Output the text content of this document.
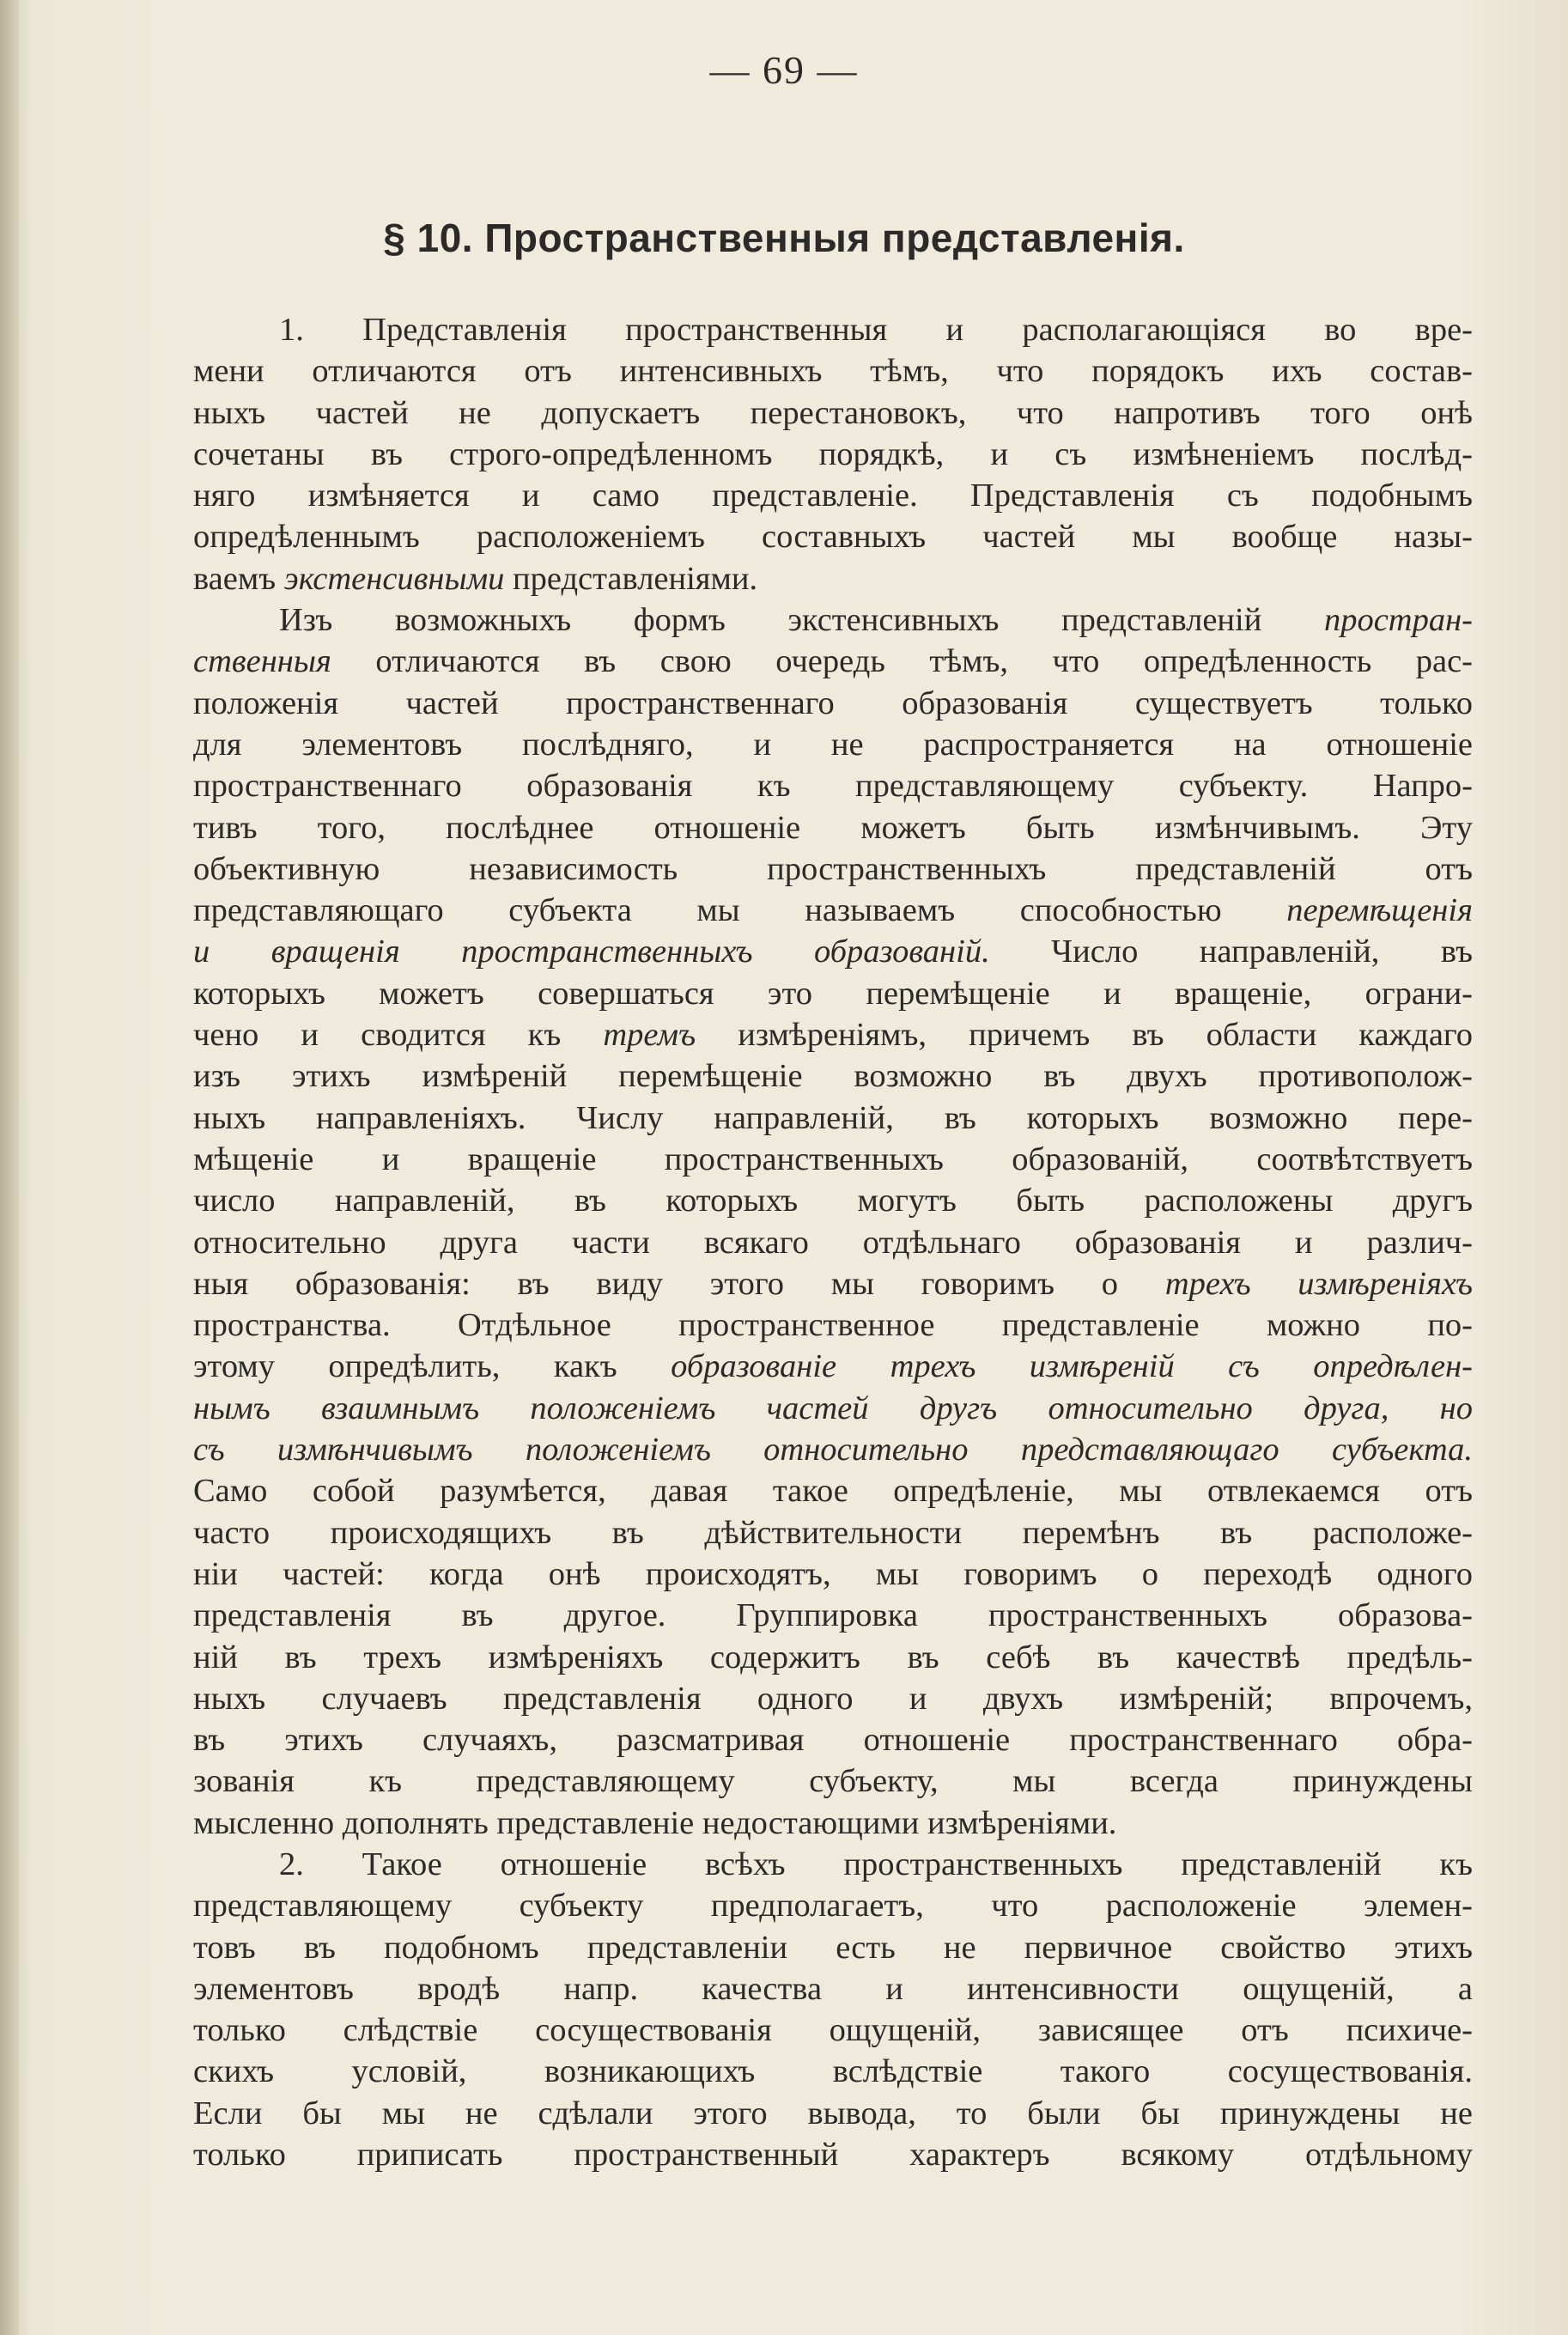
— 69 —
§ 10. Пространственныя представленія.
1. Представленія пространственныя и располагающіяся во вре-
мени отличаются отъ интенсивныхъ тѣмъ, что порядокъ ихъ состав-
ныхъ частей не допускаетъ перестановокъ, что напротивъ того онѣ
сочетаны въ строго-опредѣленномъ порядкѣ, и съ измѣненіемъ послѣд-
няго измѣняется и само представленіе. Представленія съ подобнымъ
опредѣленнымъ расположеніемъ составныхъ частей мы вообще назы-
ваемъ экстенсивными представленіями.
Изъ возможныхъ формъ экстенсивныхъ представленій простран-
ственныя отличаются въ свою очередь тѣмъ, что опредѣленность рас-
положенія частей пространственнаго образованія существуетъ только
для элементовъ послѣдняго, и не распространяется на отношеніе
пространственнаго образованія къ представляющему субъекту. Напро-
тивъ того, послѣднее отношеніе можетъ быть измѣнчивымъ. Эту
объективную независимость пространственныхъ представленій отъ
представляющаго субъекта мы называемъ способностью перемѣщенія
и вращенія пространственныхъ образованій. Число направленій, въ
которыхъ можетъ совершаться это перемѣщеніе и вращеніе, ограни-
чено и сводится къ тремъ измѣреніямъ, причемъ въ области каждаго
изъ этихъ измѣреній перемѣщеніе возможно въ двухъ противополож-
ныхъ направленіяхъ. Числу направленій, въ которыхъ возможно пере-
мѣщеніе и вращеніе пространственныхъ образованій, соотвѣтствуетъ
число направленій, въ которыхъ могутъ быть расположены другъ
относительно друга части всякаго отдѣльнаго образованія и различ-
ныя образованія: въ виду этого мы говоримъ о трехъ измѣреніяхъ
пространства. Отдѣльное пространственное представленіе можно по-
этому опредѣлить, какъ образованіе трехъ измѣреній съ опредѣлен-
нымъ взаимнымъ положеніемъ частей другъ относительно друга, но
съ измѣнчивымъ положеніемъ относительно представляющаго субъекта.
Само собой разумѣется, давая такое опредѣленіе, мы отвлекаемся отъ
часто происходящихъ въ дѣйствительности перемѣнъ въ расположе-
ніи частей: когда онѣ происходятъ, мы говоримъ о переходѣ одного
представленія въ другое. Группировка пространственныхъ образова-
ній въ трехъ измѣреніяхъ содержитъ въ себѣ въ качествѣ предѣль-
ныхъ случаевъ представленія одного и двухъ измѣреній; впрочемъ,
въ этихъ случаяхъ, разсматривая отношеніе пространственнаго обра-
зованія къ представляющему субъекту, мы всегда принуждены
мысленно дополнять представленіе недостающими измѣреніями.
2. Такое отношеніе всѣхъ пространственныхъ представленій къ
представляющему субъекту предполагаетъ, что расположеніе элемен-
товъ въ подобномъ представленіи есть не первичное свойство этихъ
элементовъ вродѣ напр. качества и интенсивности ощущеній, а
только слѣдствіе сосуществованія ощущеній, зависящее отъ психиче-
скихъ условій, возникающихъ вслѣдствіе такого сосуществованія.
Если бы мы не сдѣлали этого вывода, то были бы принуждены не
только приписать пространственный характеръ всякому отдѣльному
